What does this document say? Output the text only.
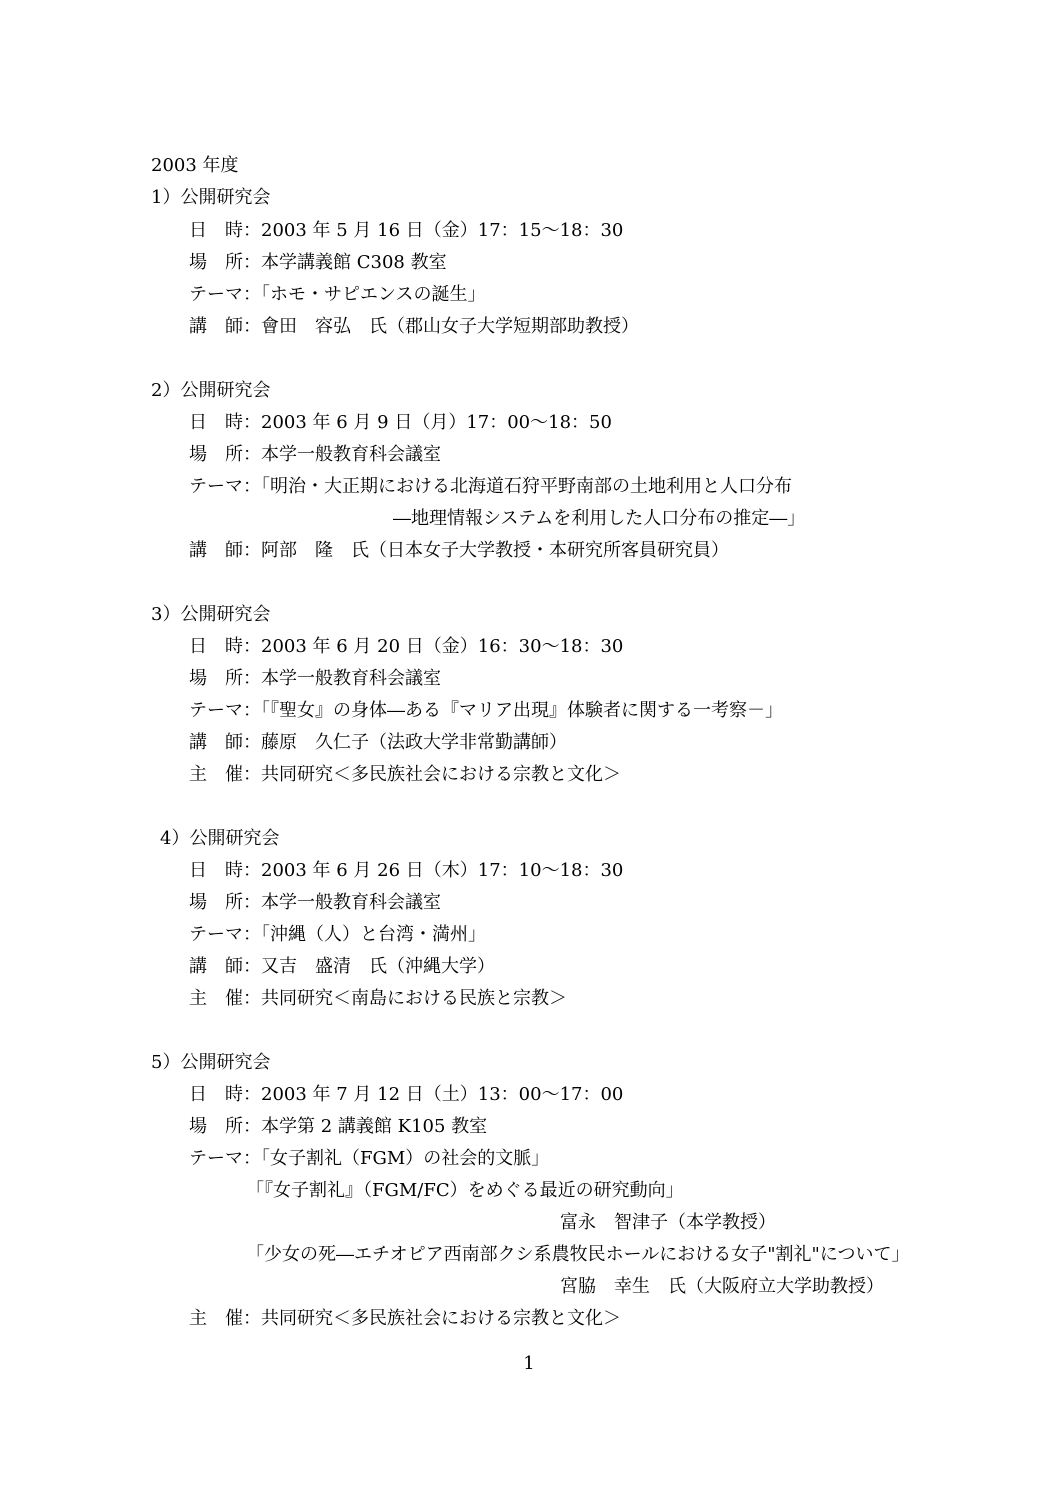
2003 年度
1）公開研究会
日　時：2003 年 5 月 16 日（金）17：15～18：30
場　所：本学講義館 C308 教室
テーマ：「ホモ・サピエンスの誕生」
講　師：會田　容弘　氏（郡山女子大学短期部助教授）
2）公開研究会
日　時：2003 年 6 月 9 日（月）17：00～18：50
場　所：本学一般教育科会議室
テーマ：「明治・大正期における北海道石狩平野南部の土地利用と人口分布
―地理情報システムを利用した人口分布の推定―」
講　師：阿部　隆　氏（日本女子大学教授・本研究所客員研究員）
3）公開研究会
日　時：2003 年 6 月 20 日（金）16：30～18：30
場　所：本学一般教育科会議室
テーマ：「『聖女』の身体―ある『マリア出現』体験者に関する一考察－」
講　師：藤原　久仁子（法政大学非常勤講師）
主　催：共同研究＜多民族社会における宗教と文化＞
4）公開研究会
日　時：2003 年 6 月 26 日（木）17：10～18：30
場　所：本学一般教育科会議室
テーマ：「沖縄（人）と台湾・満州」
講　師：又吉　盛清　氏（沖縄大学）
主　催：共同研究＜南島における民族と宗教＞
5）公開研究会
日　時：2003 年 7 月 12 日（土）13：00～17：00
場　所：本学第 2 講義館 K105 教室
テーマ：「女子割礼（FGM）の社会的文脈」
「『女子割礼』（FGM/FC）をめぐる最近の研究動向」
富永　智津子（本学教授）
「少女の死―エチオピア西南部クシ系農牧民ホールにおける女子"割礼"について」
宮脇　幸生　氏（大阪府立大学助教授）
主　催：共同研究＜多民族社会における宗教と文化＞
1
